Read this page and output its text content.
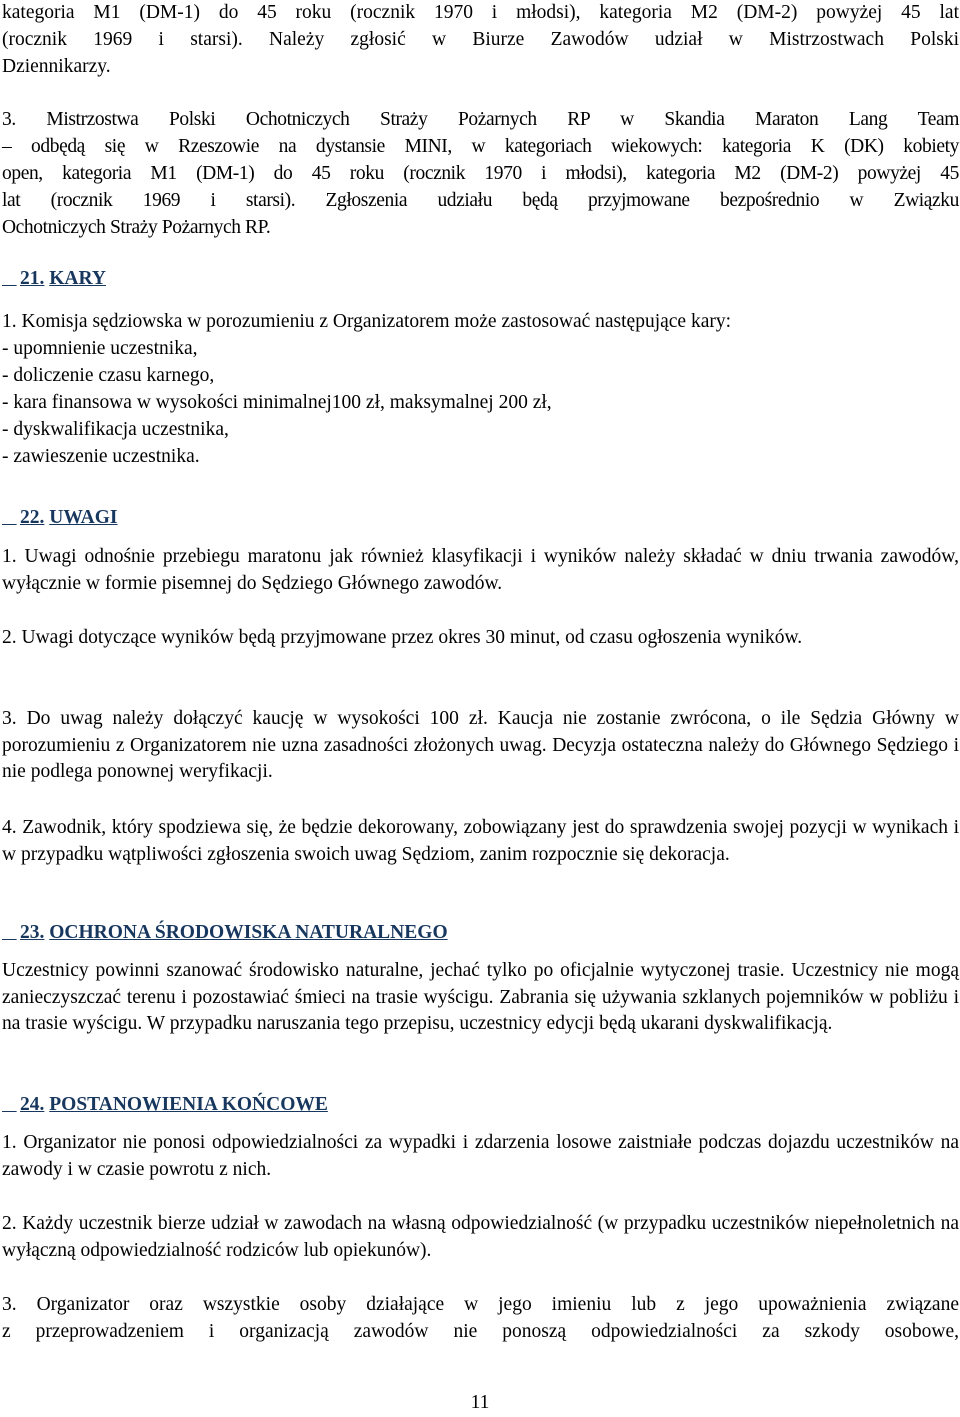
kategoria M1 (DM-1) do 45 roku (rocznik 1970 i młodsi), kategoria M2 (DM-2) powyżej 45 lat

(rocznik 1969 i starsi). Należy zgłosić w Biurze Zawodów udział w Mistrzostwach Polski

Dziennikarzy.

3. Mistrzostwa Polski Ochotniczych Straży Pożarnych RP w Skandia Maraton Lang Team

– odbędą się w Rzeszowie na dystansie MINI, w kategoriach wiekowych: kategoria K (DK) kobiety

open, kategoria M1 (DM-1) do 45 roku (rocznik 1970 i młodsi), kategoria M2 (DM-2) powyżej 45

lat (rocznik 1969 i starsi). Zgłoszenia udziału będą przyjmowane bezpośrednio w Związku

Ochotniczych Straży Pożarnych RP.

21. KARY

1. Komisja sędziowska w porozumieniu z Organizatorem może zastosować następujące kary:

- upomnienie uczestnika,

- doliczenie czasu karnego,

- kara finansowa w wysokości minimalnej100 zł, maksymalnej 200 zł,

- dyskwalifikacja uczestnika,

- zawieszenie uczestnika.

22. UWAGI

1. Uwagi odnośnie przebiegu maratonu jak również klasyfikacji i wyników należy składać w dniu trwania zawodów, wyłącznie w formie pisemnej do Sędziego Głównego zawodów.

2. Uwagi dotyczące wyników będą przyjmowane przez okres 30 minut, od czasu ogłoszenia wyników.

3. Do uwag należy dołączyć kaucję w wysokości 100 zł. Kaucja nie zostanie zwrócona, o ile Sędzia Główny w porozumieniu z Organizatorem nie uzna zasadności złożonych uwag. Decyzja ostateczna należy do Głównego Sędziego i nie podlega ponownej weryfikacji.

4. Zawodnik, który spodziewa się, że będzie dekorowany, zobowiązany jest do sprawdzenia swojej pozycji w wynikach i w przypadku wątpliwości zgłoszenia swoich uwag Sędziom, zanim rozpocznie się dekoracja.

23. OCHRONA ŚRODOWISKA NATURALNEGO

Uczestnicy powinni szanować środowisko naturalne, jechać tylko po oficjalnie wytyczonej trasie. Uczestnicy nie mogą zanieczyszczać terenu i pozostawiać śmieci na trasie wyścigu. Zabrania się używania szklanych pojemników w pobliżu i na trasie wyścigu. W przypadku naruszania tego przepisu, uczestnicy edycji będą ukarani dyskwalifikacją.

24. POSTANOWIENIA KOŃCOWE

1. Organizator nie ponosi odpowiedzialności za wypadki i zdarzenia losowe zaistniałe podczas dojazdu uczestników na zawody i w czasie powrotu z nich.

2. Każdy uczestnik bierze udział w zawodach na własną odpowiedzialność (w przypadku uczestników niepełnoletnich na wyłączną odpowiedzialność rodziców lub opiekunów).

3. Organizator oraz wszystkie osoby działające w jego imieniu lub z jego upoważnienia związane

z przeprowadzeniem i organizacją zawodów nie ponoszą odpowiedzialności za szkody osobowe,

11
